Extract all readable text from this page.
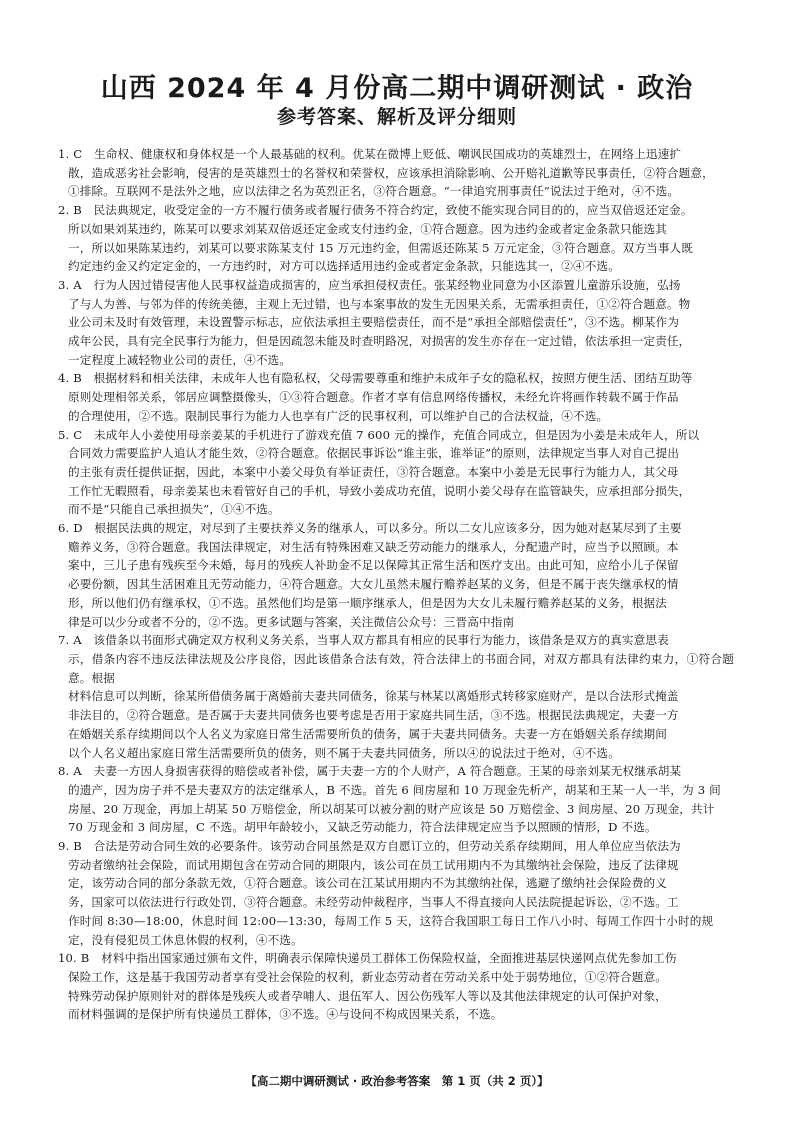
山西 2024 年 4 月份高二期中调研测试 · 政治
参考答案、解析及评分细则

1. C　生命权、健康权和身体权是一个人最基础的权利。优某在微博上贬低、嘲讽民国成功的英雄烈士，在网络上迅速扩

散，造成恶劣社会影响，侵害的是英雄烈士的名誉权和荣誉权，应该承担消除影响、公开赔礼道歉等民事责任，②符合题意，

①排除。互联网不是法外之地，应以法律之名为英烈正名，③符合题意。“一律追究刑事责任”说法过于绝对，④不选。

2. B　民法典规定，收受定金的一方不履行债务或者履行债务不符合约定，致使不能实现合同目的的，应当双倍返还定金。

所以如果刘某违约，陈某可以要求刘某双倍返还定金或支付违约金，①符合题意。因为违约金或者定金条款只能选其

一，所以如果陈某违约，刘某可以要求陈某支付 15 万元违约金，但需返还陈某 5 万元定金，③符合题意。双方当事人既

约定违约金又约定定金的，一方违约时，对方可以选择适用违约金或者定金条款，只能选其一，②④不选。

3. A　行为人因过错侵害他人民事权益造成损害的，应当承担侵权责任。张某经物业同意为小区添置儿童游乐设施，弘扬

了与人为善、与邻为伴的传统美德，主观上无过错，也与本案事故的发生无因果关系，无需承担责任，①②符合题意。物

业公司未及时有效管理，未设置警示标志，应依法承担主要赔偿责任，而不是“承担全部赔偿责任”，③不选。柳某作为

成年公民，具有完全民事行为能力，但是因疏忽未能及时查明路况，对损害的发生亦存在一定过错，依法承担一定责任，

一定程度上减轻物业公司的责任，④不选。

4. B　根据材料和相关法律，未成年人也有隐私权，父母需要尊重和维护未成年子女的隐私权，按照方便生活、团结互助等

原则处理相邻关系，邻居应调整摄像头，①③符合题意。作者才享有信息网络传播权，未经允许将画作转载不属于作品

的合理使用，②不选。限制民事行为能力人也享有广泛的民事权利，可以维护自己的合法权益，④不选。

5. C　未成年人小姜使用母亲姜某的手机进行了游戏充值 7 600 元的操作，充值合同成立，但是因为小姜是未成年人，所以

合同效力需要监护人追认才能生效，②符合题意。依据民事诉讼“谁主张，谁举证”的原则，法律规定当事人对自己提出

的主张有责任提供证据，因此，本案中小姜父母负有举证责任，③符合题意。本案中小姜是无民事行为能力人，其父母

工作忙无暇照看，母亲姜某也未看管好自己的手机，导致小姜成功充值，说明小姜父母存在监管缺失，应承担部分损失，

而不是“只能自己承担损失”，①④不选。

6. D　根据民法典的规定，对尽到了主要扶养义务的继承人，可以多分。所以二女儿应该多分，因为她对赵某尽到了主要

赡养义务，③符合题意。我国法律规定，对生活有特殊困难又缺乏劳动能力的继承人，分配遗产时，应当予以照顾。本

案中，三儿子患有残疾至今未婚，每月的残疾人补助金不足以保障其正常生活和医疗支出。由此可知，应给小儿子保留

必要份额，因其生活困难且无劳动能力，④符合题意。大女儿虽然未履行赡养赵某的义务，但是不属于丧失继承权的情

形，所以他们仍有继承权，①不选。虽然他们均是第一顺序继承人，但是因为大女儿未履行赡养赵某的义务，根据法

律是可以少分或者不分的，②不选。更多试题与答案，关注微信公众号：三晋高中指南

7. A　该借条以书面形式确定双方权利义务关系，当事人双方都具有相应的民事行为能力，该借条是双方的真实意思表

示，借条内容不违反法律法规及公序良俗，因此该借条合法有效，符合法律上的书面合同，对双方都具有法律约束力，①符合题意。根据

材料信息可以判断，徐某所借债务属于离婚前夫妻共同债务，徐某与林某以离婚形式转移家庭财产，是以合法形式掩盖

非法目的，②符合题意。是否属于夫妻共同债务也要考虑是否用于家庭共同生活，③不选。根据民法典规定，夫妻一方

在婚姻关系存续期间以个人名义为家庭日常生活需要所负的债务，属于夫妻共同债务。夫妻一方在婚姻关系存续期间

以个人名义超出家庭日常生活需要所负的债务，则不属于夫妻共同债务，所以④的说法过于绝对，④不选。

8. A　夫妻一方因人身损害获得的赔偿或者补偿，属于夫妻一方的个人财产，A 符合题意。王某的母亲刘某无权继承胡某

的遗产，因为房子并不是夫妻双方的法定继承人，B 不选。首先 6 间房屋和 10 万现金先析产，胡某和王某一人一半，为 3 间

房屋、20 万现金，再加上胡某 50 万赔偿金，所以胡某可以被分割的财产应该是 50 万赔偿金、3 间房屋、20 万现金，共计

70 万现金和 3 间房屋，C 不选。胡甲年龄较小，又缺乏劳动能力，符合法律规定应当予以照顾的情形，D 不选。

9. B　合法是劳动合同生效的必要条件。该劳动合同虽然是双方自愿订立的，但劳动关系存续期间，用人单位应当依法为

劳动者缴纳社会保险，而试用期包含在劳动合同的期限内，该公司在员工试用期内不为其缴纳社会保险，违反了法律规

定，该劳动合同的部分条款无效，①符合题意。该公司在江某试用期内不为其缴纳社保，逃避了缴纳社会保险费的义

务，国家可以依法进行行政处罚，③符合题意。未经劳动仲裁程序，当事人不得直接向人民法院提起诉讼，②不选。工

作时间 8:30—18:00，休息时间 12:00—13:30，每周工作 5 天，这符合我国职工每日工作八小时、每周工作四十小时的规

定，没有侵犯员工休息休假的权利，④不选。

10. B　材料中指出国家通过颁布文件，明确表示保障快递员工群体工伤保险权益，全面推进基层快递网点优先参加工伤

保险工作，这是基于我国劳动者享有受社会保险的权利，新业态劳动者在劳动关系中处于弱势地位，①②符合题意。

特殊劳动保护原则针对的群体是残疾人或者孕哺人、退伍军人、因公伤残军人等以及其他法律规定的认可保护对象，

而材料强调的是保护所有快递员工群体，③不选。④与设问不构成因果关系，不选。

【高二期中调研测试 · 政治参考答案　第 1 页（共 2 页）】
